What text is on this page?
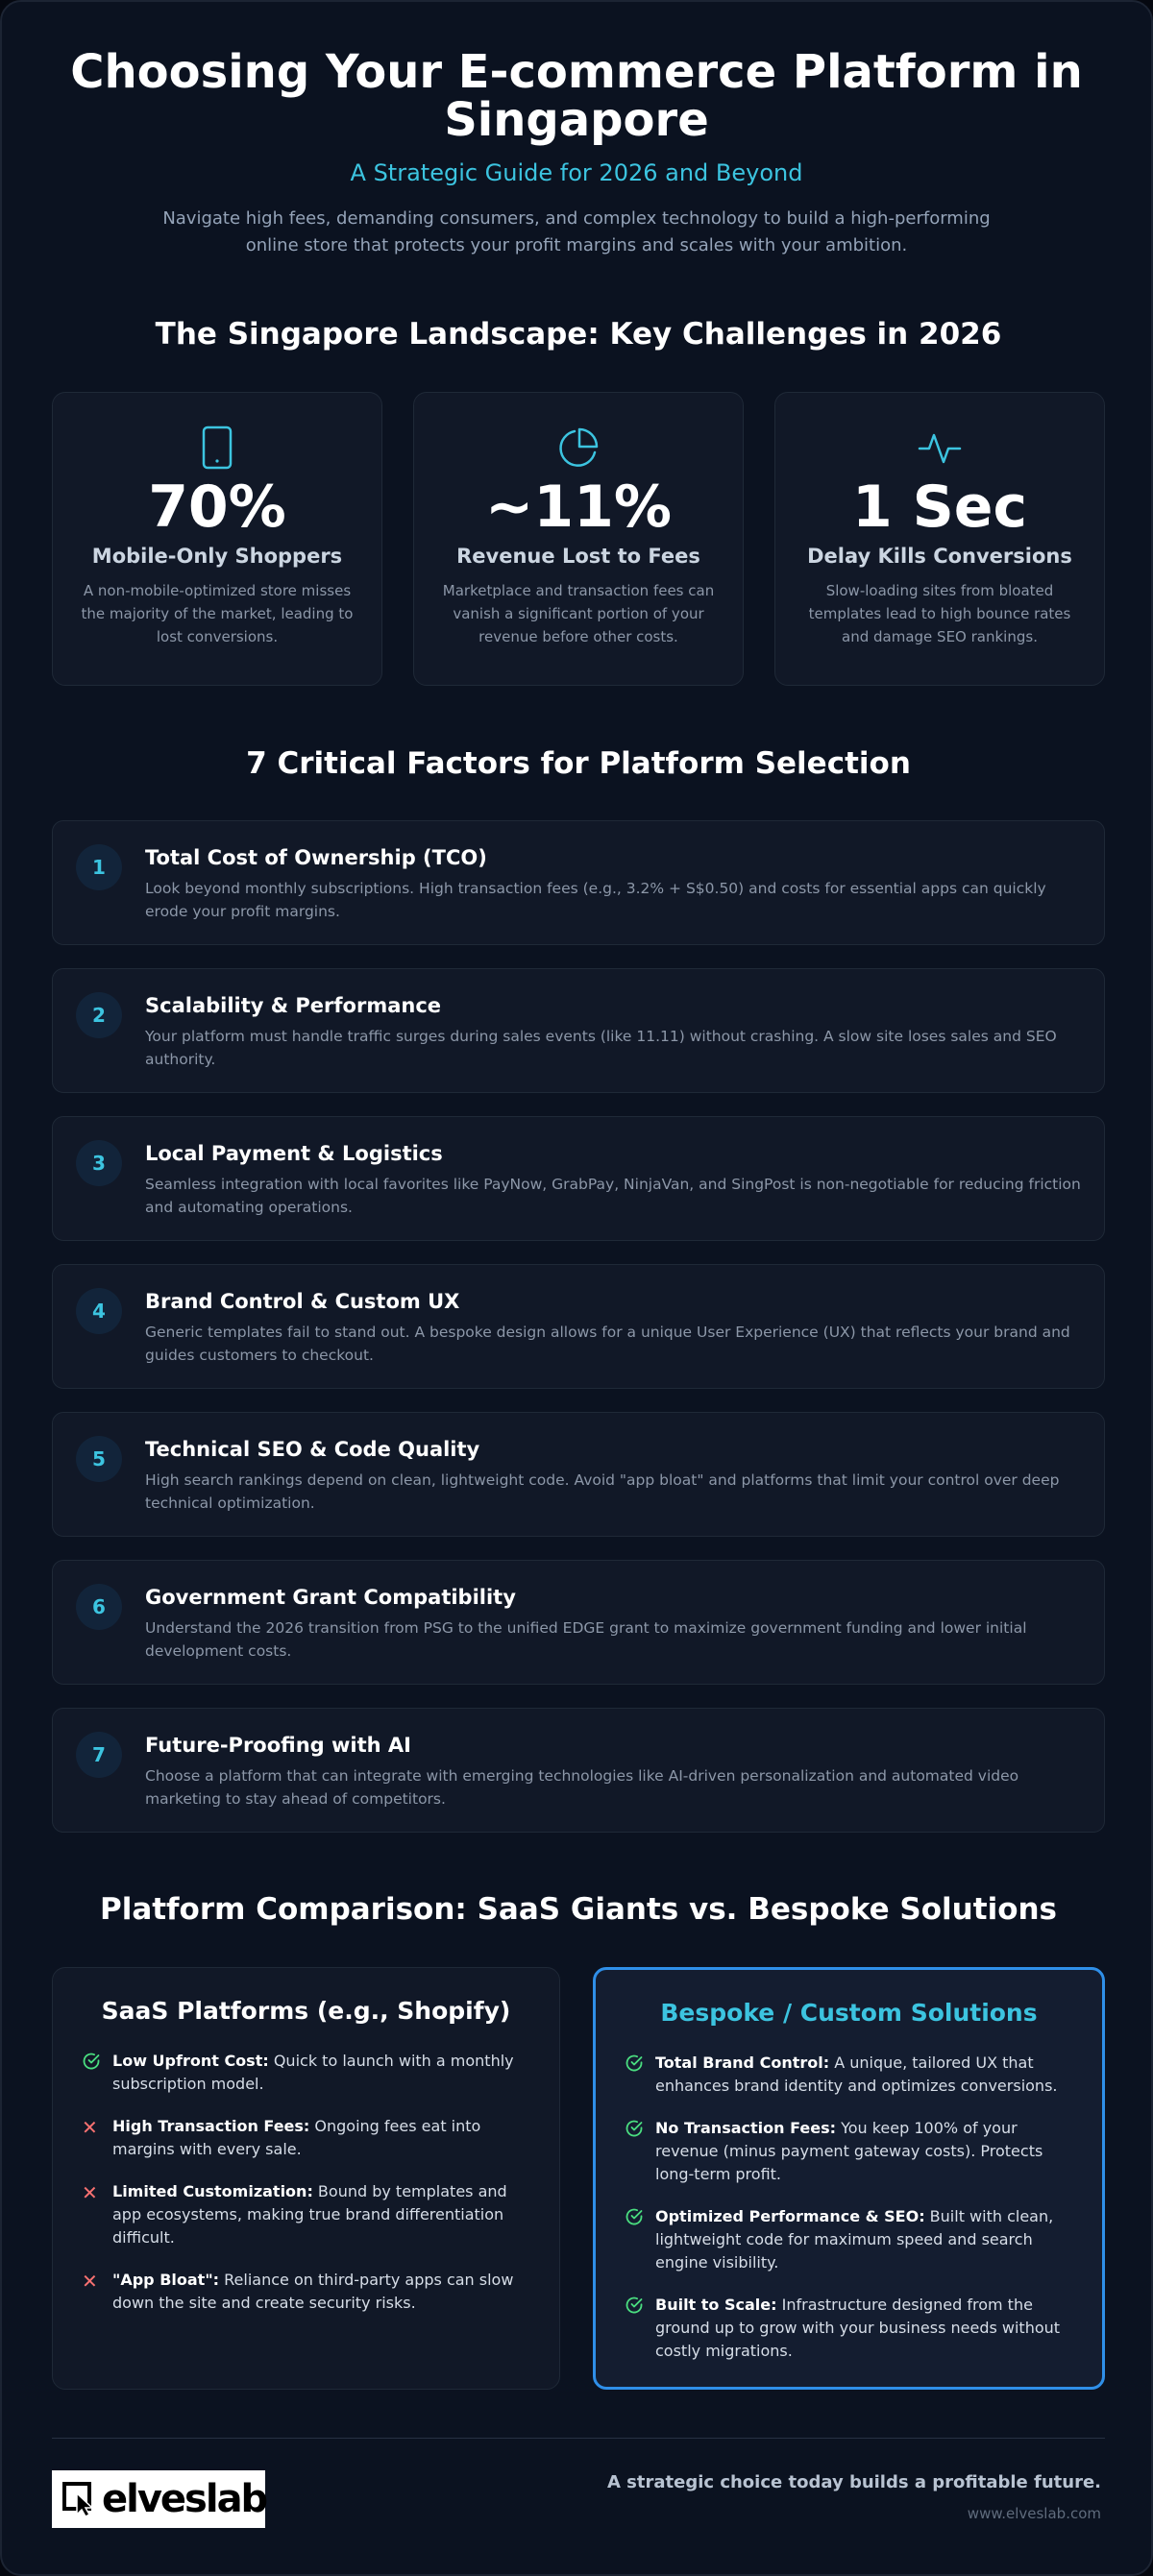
Choosing Your E-commerce Platform in Singapore
A Strategic Guide for 2026 and Beyond

Navigate high fees, demanding consumers, and complex technology to build a high-performing online store that protects your profit margins and scales with your ambition.

The Singapore Landscape: Key Challenges in 2026
70%
Mobile-Only Shoppers
A non-mobile-optimized store misses the majority of the market, leading to lost conversions.
~11%
Revenue Lost to Fees
Marketplace and transaction fees can vanish a significant portion of your revenue before other costs.
1 Sec
Delay Kills Conversions
Slow-loading sites from bloated templates lead to high bounce rates and damage SEO rankings.
7 Critical Factors for Platform Selection
1	Total Cost of Ownership (TCO)
Look beyond monthly subscriptions. High transaction fees (e.g., 3.2% + S$0.50) and costs for essential apps can quickly erode your profit margins.
2	Scalability & Performance
Your platform must handle traffic surges during sales events (like 11.11) without crashing. A slow site loses sales and SEO authority.
3	Local Payment & Logistics
Seamless integration with local favorites like PayNow, GrabPay, NinjaVan, and SingPost is non-negotiable for reducing friction and automating operations.
4	Brand Control & Custom UX
Generic templates fail to stand out. A bespoke design allows for a unique User Experience (UX) that reflects your brand and guides customers to checkout.
5	Technical SEO & Code Quality
High search rankings depend on clean, lightweight code. Avoid "app bloat" and platforms that limit your control over deep technical optimization.
6	Government Grant Compatibility
Understand the 2026 transition from PSG to the unified EDGE grant to maximize government funding and lower initial development costs.
7	Future-Proofing with AI
Choose a platform that can integrate with emerging technologies like AI-driven personalization and automated video marketing to stay ahead of competitors.
Platform Comparison: SaaS Giants vs. Bespoke Solutions
SaaS Platforms (e.g., Shopify)
Low Upfront Cost: Quick to launch with a monthly subscription model.
✕ High Transaction Fees: Ongoing fees eat into margins with every sale.
✕ Limited Customization: Bound by templates and app ecosystems, making true brand differentiation difficult.
✕ "App Bloat": Reliance on third-party apps can slow down the site and create security risks.
Bespoke / Custom Solutions
Total Brand Control: A unique, tailored UX that enhances brand identity and optimizes conversions.
No Transaction Fees: You keep 100% of your revenue (minus payment gateway costs). Protects long-term profit.
Optimized Performance & SEO: Built with clean, lightweight code for maximum speed and search engine visibility.
Built to Scale: Infrastructure designed from the ground up to grow with your business needs without costly migrations.
elveslab	A strategic choice today builds a profitable future.
www.elveslab.com
